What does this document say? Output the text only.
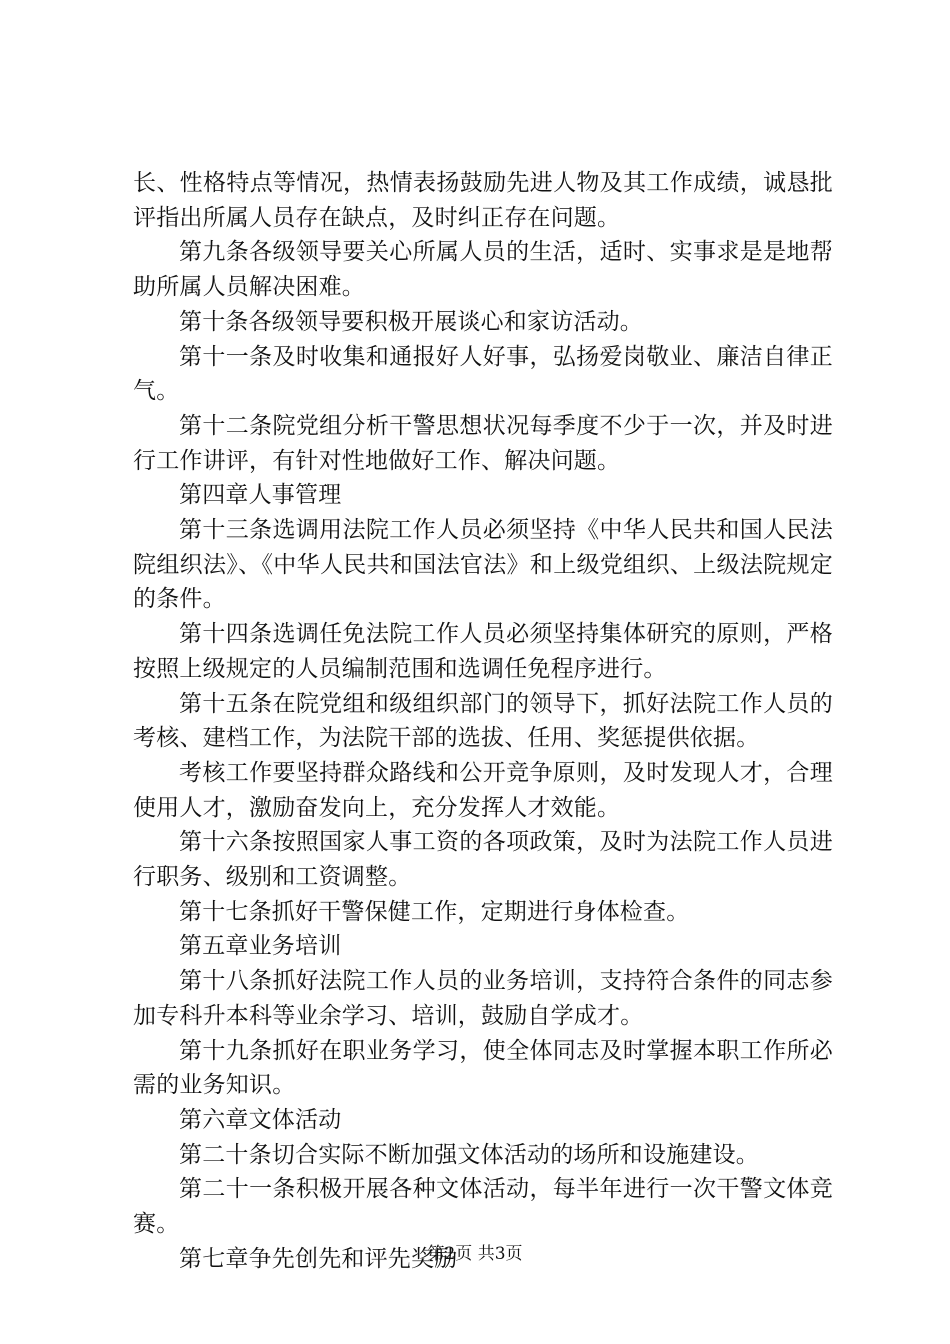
长、性格特点等情况，热情表扬鼓励先进人物及其工作成绩，诚恳批评指出所属人员存在缺点，及时纠正存在问题。

第九条各级领导要关心所属人员的生活，适时、实事求是是地帮助所属人员解决困难。

第十条各级领导要积极开展谈心和家访活动。

第十一条及时收集和通报好人好事，弘扬爱岗敬业、廉洁自律正气。

第十二条院党组分析干警思想状况每季度不少于一次，并及时进行工作讲评，有针对性地做好工作、解决问题。

第四章人事管理

第十三条选调用法院工作人员必须坚持《中华人民共和国人民法院组织法》、《中华人民共和国法官法》和上级党组织、上级法院规定的条件。

第十四条选调任免法院工作人员必须坚持集体研究的原则，严格按照上级规定的人员编制范围和选调任免程序进行。

第十五条在院党组和级组织部门的领导下，抓好法院工作人员的考核、建档工作，为法院干部的选拔、任用、奖惩提供依据。

考核工作要坚持群众路线和公开竞争原则，及时发现人才，合理使用人才，激励奋发向上，充分发挥人才效能。

第十六条按照国家人事工资的各项政策，及时为法院工作人员进行职务、级别和工资调整。

第十七条抓好干警保健工作，定期进行身体检查。

第五章业务培训

第十八条抓好法院工作人员的业务培训，支持符合条件的同志参加专科升本科等业余学习、培训，鼓励自学成才。

第十九条抓好在职业务学习，使全体同志及时掌握本职工作所必需的业务知识。

第六章文体活动

第二十条切合实际不断加强文体活动的场所和设施建设。

第二十一条积极开展各种文体活动，每半年进行一次干警文体竞赛。

第七章争先创先和评先奖励

第2页 共3页
